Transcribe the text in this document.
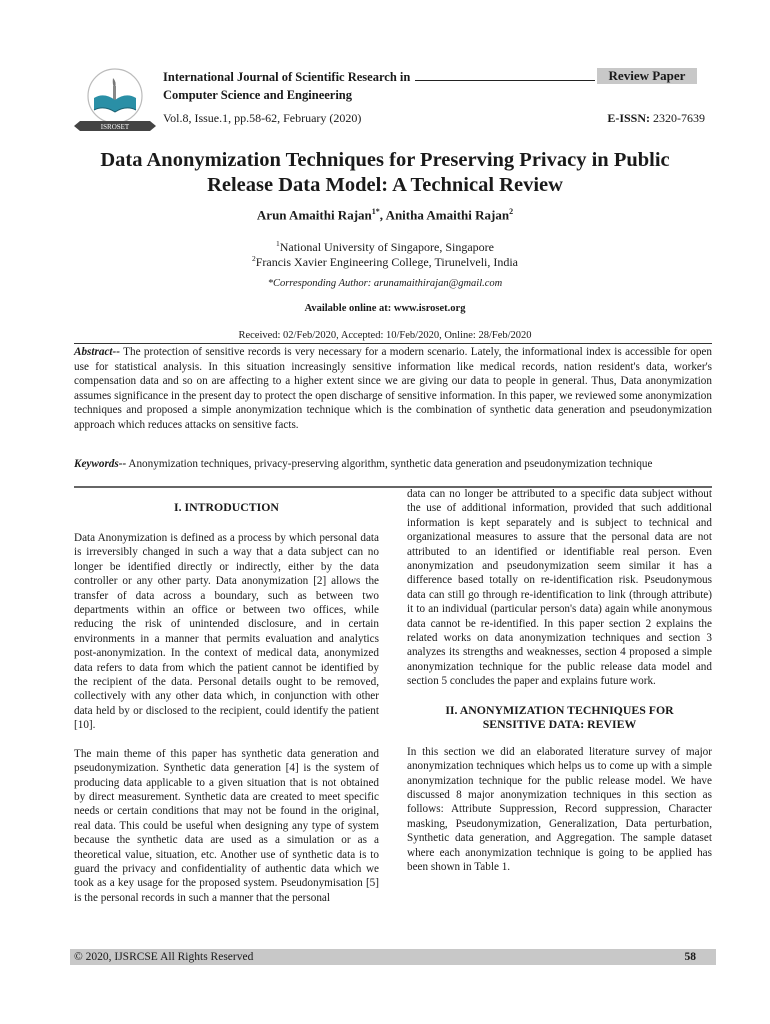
ISROSET
International Journal of Scientific Research in
Computer Science and Engineering
Review Paper
Vol.8, Issue.1, pp.58-62, February (2020)	E-ISSN: 2320-7639
Data Anonymization Techniques for Preserving Privacy in Public
Release Data Model: A Technical Review
Arun Amaithi Rajan$^{1*}$, Anitha Amaithi Rajan$^2$
$^1$National University of Singapore, Singapore
$^2$Francis Xavier Engineering College, Tirunelveli, India
*Corresponding Author: arunamaithirajan@gmail.com
Available online at: www.isroset.org
Received: 02/Feb/2020, Accepted: 10/Feb/2020, Online: 28/Feb/2020
Abstract-- The protection of sensitive records is very necessary for a modern scenario. Lately, the informational index is accessible for open use for statistical analysis. In this situation increasingly sensitive information like medical records, nation resident's data, worker's compensation data and so on are affecting to a higher extent since we are giving our data to people in general. Thus, Data anonymization assumes significance in the present day to protect the open discharge of sensitive information. In this paper, we reviewed some anonymization techniques and proposed a simple anonymization technique which is the combination of synthetic data generation and pseudonymization approach which reduces attacks on sensitive facts.
Keywords-- Anonymization techniques, privacy-preserving algorithm, synthetic data generation and pseudonymization technique
I. INTRODUCTION

Data Anonymization is defined as a process by which personal data is irreversibly changed in such a way that a data subject can no longer be identified directly or indirectly, either by the data controller or any other party. Data anonymization [2] allows the transfer of data across a boundary, such as between two departments within an office or between two offices, while reducing the risk of unintended disclosure, and in certain environments in a manner that permits evaluation and analytics post-anonymization. In the context of medical data, anonymized data refers to data from which the patient cannot be identified by the recipient of the data. Personal details ought to be removed, collectively with any other data which, in conjunction with other data held by or disclosed to the recipient, could identify the patient [10].

The main theme of this paper has synthetic data generation and pseudonymization. Synthetic data generation [4] is the system of producing data applicable to a given situation that is not obtained by direct measurement. Synthetic data are created to meet specific needs or certain conditions that may not be found in the original, real data. This could be useful when designing any type of system because the synthetic data are used as a simulation or as a theoretical value, situation, etc. Another use of synthetic data is to guard the privacy and confidentiality of authentic data which we took as a key usage for the proposed system. Pseudonymisation [5] is the personal records in such a manner that the personal

data can no longer be attributed to a specific data subject without the use of additional information, provided that such additional information is kept separately and is subject to technical and organizational measures to assure that the personal data are not attributed to an identified or identifiable real person. Even anonymization and pseudonymization seem similar it has a difference based totally on re-identification risk. Pseudonymous data can still go through re-identification to link (through attribute) it to an individual (particular person's data) again while anonymous data cannot be re-identified. In this paper section 2 explains the related works on data anonymization techniques and section 3 analyzes its strengths and weaknesses, section 4 proposed a simple anonymization technique for the public release data model and section 5 concludes the paper and explains future work.

II. ANONYMIZATION TECHNIQUES FOR
SENSITIVE DATA: REVIEW

In this section we did an elaborated literature survey of major anonymization techniques which helps us to come up with a simple anonymization technique for the public release model. We have discussed 8 major anonymization techniques in this section as follows: Attribute Suppression, Record suppression, Character masking, Pseudonymization, Generalization, Data perturbation, Synthetic data generation, and Aggregation. The sample dataset where each anonymization technique is going to be applied has been shown in Table 1.

© 2020, IJSRCSE All Rights Reserved	58
